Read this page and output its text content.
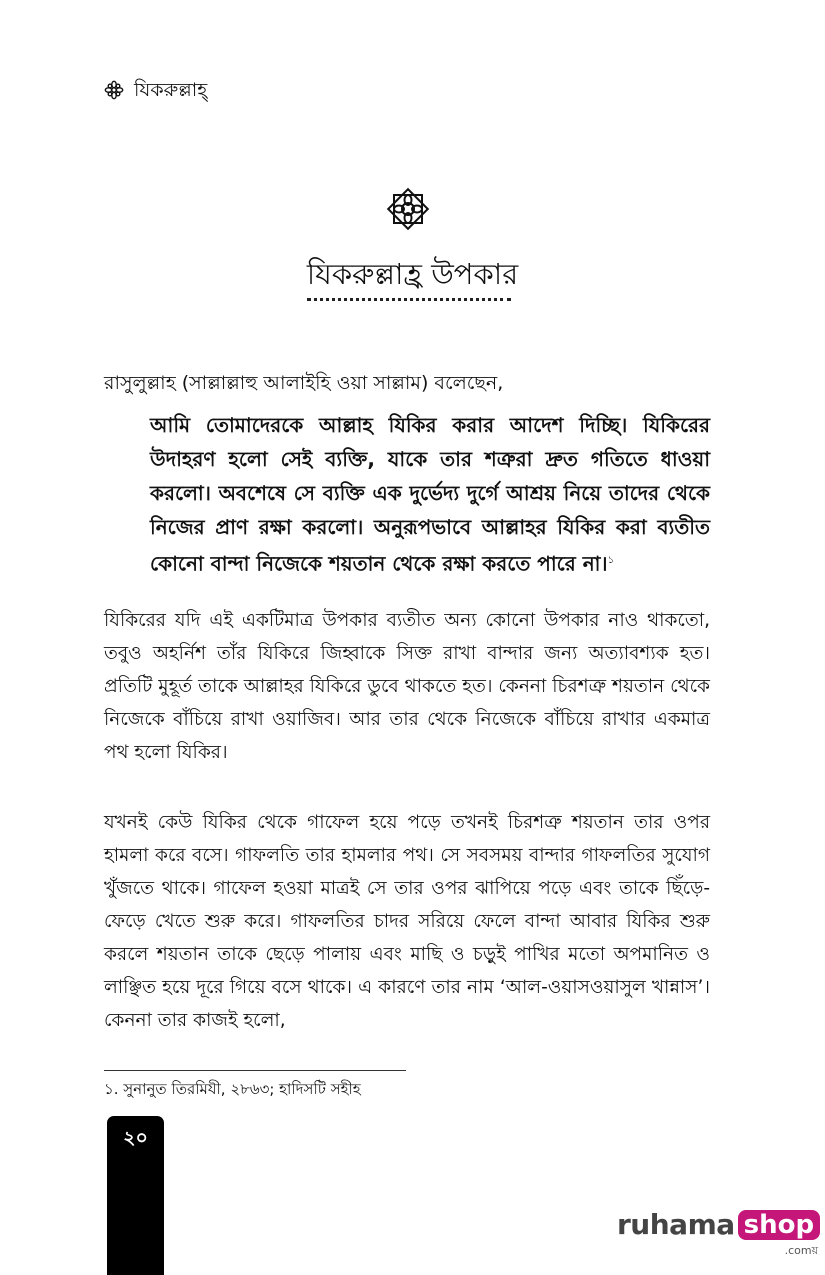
যিকরুল্লাহ্
যিকরুল্লাহ্র উপকার
রাসুলুল্লাহ (সাল্লাল্লাহু আলাইহি ওয়া সাল্লাম) বলেছেন,
আমি তোমাদেরকে আল্লাহ যিকির করার আদেশ দিচ্ছি। যিকিরের উদাহরণ হলো সেই ব্যক্তি, যাকে তার শত্রুরা দ্রুত গতিতে ধাওয়া করলো। অবশেষে সে ব্যক্তি এক দুর্ভেদ্য দুর্গে আশ্রয় নিয়ে তাদের থেকে নিজের প্রাণ রক্ষা করলো। অনুরূপভাবে আল্লাহর যিকির করা ব্যতীত কোনো বান্দা নিজেকে শয়তান থেকে রক্ষা করতে পারে না।$^১$
যিকিরের যদি এই একটিমাত্র উপকার ব্যতীত অন্য কোনো উপকার নাও থাকতো, তবুও অহর্নিশ তাঁর যিকিরে জিহ্বাকে সিক্ত রাখা বান্দার জন্য অত্যাবশ্যক হত। প্রতিটি মুহূর্ত তাকে আল্লাহর যিকিরে ডুবে থাকতে হত। কেননা চিরশত্রু শয়তান থেকে নিজেকে বাঁচিয়ে রাখা ওয়াজিব। আর তার থেকে নিজেকে বাঁচিয়ে রাখার একমাত্র পথ হলো যিকির।
যখনই কেউ যিকির থেকে গাফেল হয়ে পড়ে তখনই চিরশত্রু শয়তান তার ওপর হামলা করে বসে। গাফলতি তার হামলার পথ। সে সবসময় বান্দার গাফলতির সুযোগ খুঁজতে থাকে। গাফেল হওয়া মাত্রই সে তার ওপর ঝাপিয়ে পড়ে এবং তাকে ছিঁড়ে-ফেড়ে খেতে শুরু করে। গাফলতির চাদর সরিয়ে ফেলে বান্দা আবার যিকির শুরু করলে শয়তান তাকে ছেড়ে পালায় এবং মাছি ও চড়ুই পাখির মতো অপমানিত ও লাঞ্ছিত হয়ে দূরে গিয়ে বসে থাকে। এ কারণে তার নাম ‘আল-ওয়াসওয়াসুল খান্নাস’। কেননা তার কাজই হলো,
১. সুনানুত তিরমিযী, ২৮৬৩; হাদিসটি সহীহ
২০
ruhama shop
.comয়
